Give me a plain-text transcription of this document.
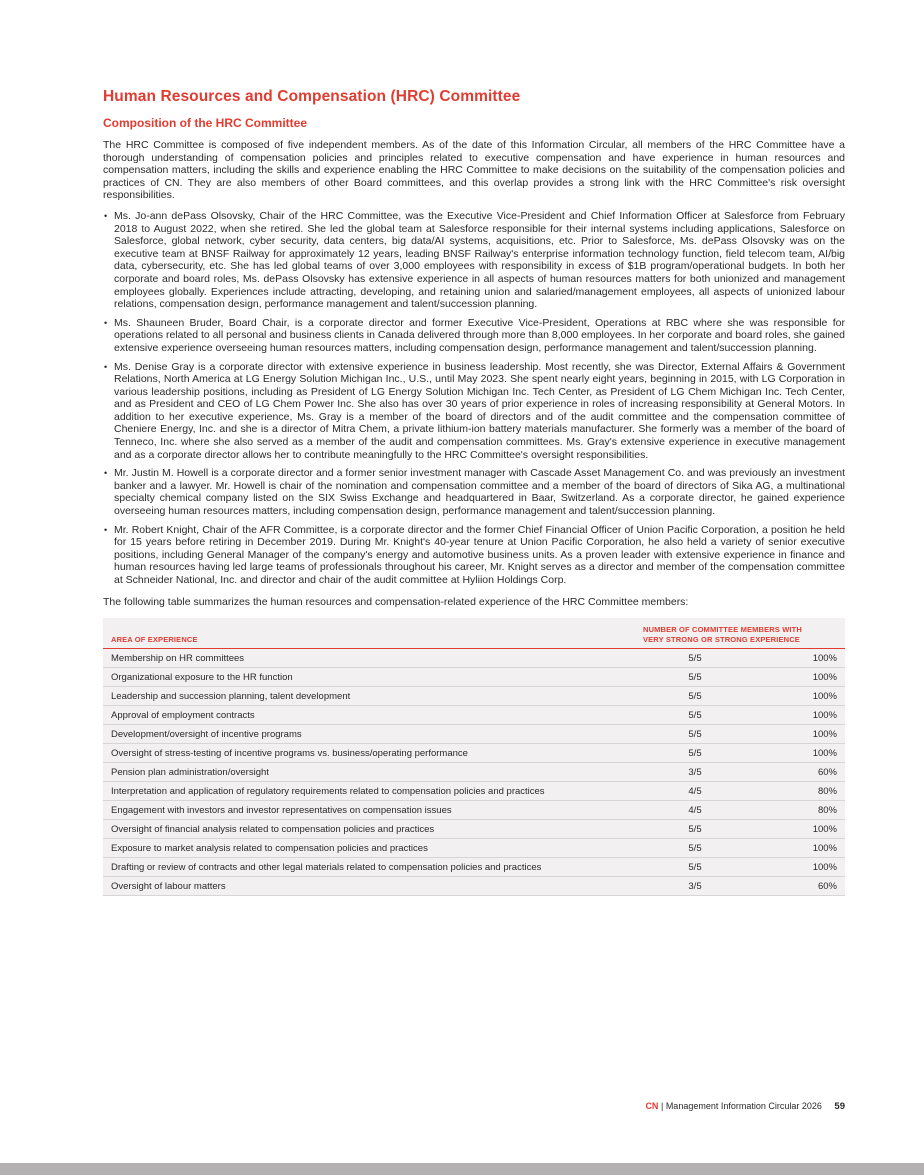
Human Resources and Compensation (HRC) Committee
Composition of the HRC Committee

The HRC Committee is composed of five independent members. As of the date of this Information Circular, all members of the HRC Committee have a thorough understanding of compensation policies and principles related to executive compensation and have experience in human resources and compensation matters, including the skills and experience enabling the HRC Committee to make decisions on the suitability of the compensation policies and practices of CN. They are also members of other Board committees, and this overlap provides a strong link with the HRC Committee's risk oversight responsibilities.

• Ms. Jo-ann dePass Olsovsky, Chair of the HRC Committee, was the Executive Vice-President and Chief Information Officer at Salesforce from February 2018 to August 2022, when she retired. She led the global team at Salesforce responsible for their internal systems including applications, Salesforce on Salesforce, global network, cyber security, data centers, big data/AI systems, acquisitions, etc. Prior to Salesforce, Ms. dePass Olsovsky was on the executive team at BNSF Railway for approximately 12 years, leading BNSF Railway's enterprise information technology function, field telecom team, AI/big data, cybersecurity, etc. She has led global teams of over 3,000 employees with responsibility in excess of $1B program/operational budgets. In both her corporate and board roles, Ms. dePass Olsovsky has extensive experience in all aspects of human resources matters for both unionized and management employees globally. Experiences include attracting, developing, and retaining union and salaried/management employees, all aspects of unionized labour relations, compensation design, performance management and talent/succession planning.
• Ms. Shauneen Bruder, Board Chair, is a corporate director and former Executive Vice-President, Operations at RBC where she was responsible for operations related to all personal and business clients in Canada delivered through more than 8,000 employees. In her corporate and board roles, she gained extensive experience overseeing human resources matters, including compensation design, performance management and talent/succession planning.
• Ms. Denise Gray is a corporate director with extensive experience in business leadership. Most recently, she was Director, External Affairs & Government Relations, North America at LG Energy Solution Michigan Inc., U.S., until May 2023. She spent nearly eight years, beginning in 2015, with LG Corporation in various leadership positions, including as President of LG Energy Solution Michigan Inc. Tech Center, as President of LG Chem Michigan Inc. Tech Center, and as President and CEO of LG Chem Power Inc. She also has over 30 years of prior experience in roles of increasing responsibility at General Motors. In addition to her executive experience, Ms. Gray is a member of the board of directors and of the audit committee and the compensation committee of Cheniere Energy, Inc. and she is a director of Mitra Chem, a private lithium-ion battery materials manufacturer. She formerly was a member of the board of Tenneco, Inc. where she also served as a member of the audit and compensation committees. Ms. Gray's extensive experience in executive management and as a corporate director allows her to contribute meaningfully to the HRC Committee's oversight responsibilities.
• Mr. Justin M. Howell is a corporate director and a former senior investment manager with Cascade Asset Management Co. and was previously an investment banker and a lawyer. Mr. Howell is chair of the nomination and compensation committee and a member of the board of directors of Sika AG, a multinational specialty chemical company listed on the SIX Swiss Exchange and headquartered in Baar, Switzerland. As a corporate director, he gained experience overseeing human resources matters, including compensation design, performance management and talent/succession planning.
• Mr. Robert Knight, Chair of the AFR Committee, is a corporate director and the former Chief Financial Officer of Union Pacific Corporation, a position he held for 15 years before retiring in December 2019. During Mr. Knight's 40-year tenure at Union Pacific Corporation, he also held a variety of senior executive positions, including General Manager of the company's energy and automotive business units. As a proven leader with extensive experience in finance and human resources having led large teams of professionals throughout his career, Mr. Knight serves as a director and member of the compensation committee at Schneider National, Inc. and director and chair of the audit committee at Hyliion Holdings Corp.

The following table summarizes the human resources and compensation-related experience of the HRC Committee members:

AREA OF EXPERIENCE	NUMBER OF COMMITTEE MEMBERS WITH
VERY STRONG OR STRONG EXPERIENCE	
Membership on HR committees	5/5	100%
Organizational exposure to the HR function	5/5	100%
Leadership and succession planning, talent development	5/5	100%
Approval of employment contracts	5/5	100%
Development/oversight of incentive programs	5/5	100%
Oversight of stress-testing of incentive programs vs. business/operating performance	5/5	100%
Pension plan administration/oversight	3/5	60%
Interpretation and application of regulatory requirements related to compensation policies and practices	4/5	80%
Engagement with investors and investor representatives on compensation issues	4/5	80%
Oversight of financial analysis related to compensation policies and practices	5/5	100%
Exposure to market analysis related to compensation policies and practices	5/5	100%
Drafting or review of contracts and other legal materials related to compensation policies and practices	5/5	100%
Oversight of labour matters	3/5	60%
CN | Management Information Circular 2026 59
